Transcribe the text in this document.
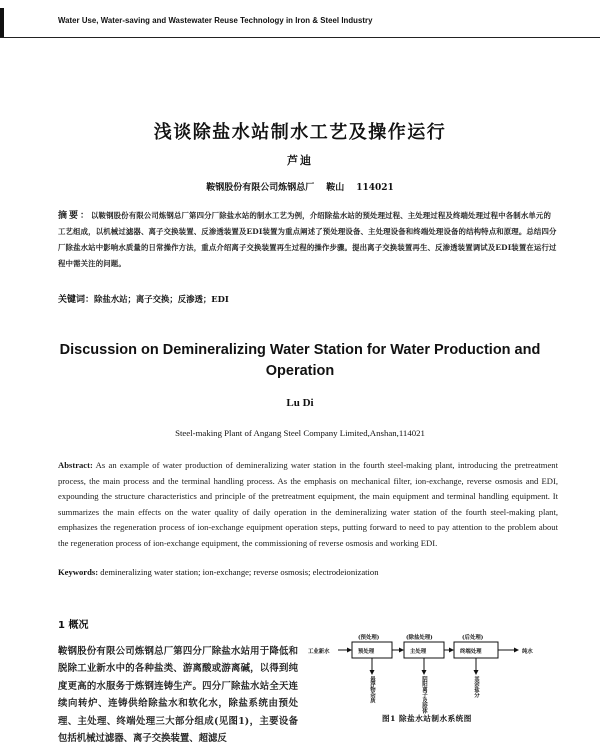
Water Use, Water-saving and Wastewater Reuse Technology in Iron & Steel Industry
浅谈除盐水站制水工艺及操作运行
芦迪
鞍钢股份有限公司炼钢总厂 鞍山 114021
摘要：以鞍钢股份有限公司炼钢总厂第四分厂除盐水站的制水工艺为例，介绍除盐水站的预处理过程、主处理过程及终端处理过程中各制水单元的工艺组成，以机械过滤器、离子交换装置、反渗透装置及EDI装置为重点阐述了预处理设备、主处理设备和终端处理设备的结构特点和原理。总结四分厂除盐水站中影响水质量的日常操作方法，重点介绍离子交换装置再生过程的操作步骤。提出离子交换装置再生、反渗透装置调试及EDI装置在运行过程中需关注的问题。
关键词：除盐水站；离子交换；反渗透；EDI
Discussion on Demineralizing Water Station for Water Production and Operation
Lu Di
Steel-making Plant of Angang Steel Company Limited,Anshan,114021
Abstract: As an example of water production of demineralizing water station in the fourth steel-making plant, introducing the pretreatment process, the main process and the terminal handling process. As the emphasis on mechanical filter, ion-exchange, reverse osmosis and EDI, expounding the structure characteristics and principle of the pretreatment equipment, the main equipment and terminal handling equipment. It summarizes the main effects on the water quality of daily operation in the demineralizing water station of the fourth steel-making plant, emphasizes the regeneration process of ion-exchange equipment operation steps, putting forward to need to pay attention to the problem about the regeneration process of ion-exchange equipment, the commissioning of reverse osmosis and working EDI.
Keywords: demineralizing water station; ion-exchange; reverse osmosis; electrodeionization
1 概况
鞍钢股份有限公司炼钢总厂第四分厂除盐水站用于降低和脱除工业新水中的各种盐类、游离酸或游离碱，以得到纯度更高的水服务于炼钢连铸生产。四分厂除盐水站全天连续向转炉、连铸供给除盐水和软化水，除盐系统由预处理、主处理、终端处理三大部分组成(见图1)，主要设备包括机械过滤器、离子交换装置、超滤反
工业新水	纯水
(预处理)	(除盐处理)	(后处理)
预处理	主处理	终端处理
悬浮物杂质	阴阳离子及胶体	其余盐分
图1 除盐水站制水系统图
